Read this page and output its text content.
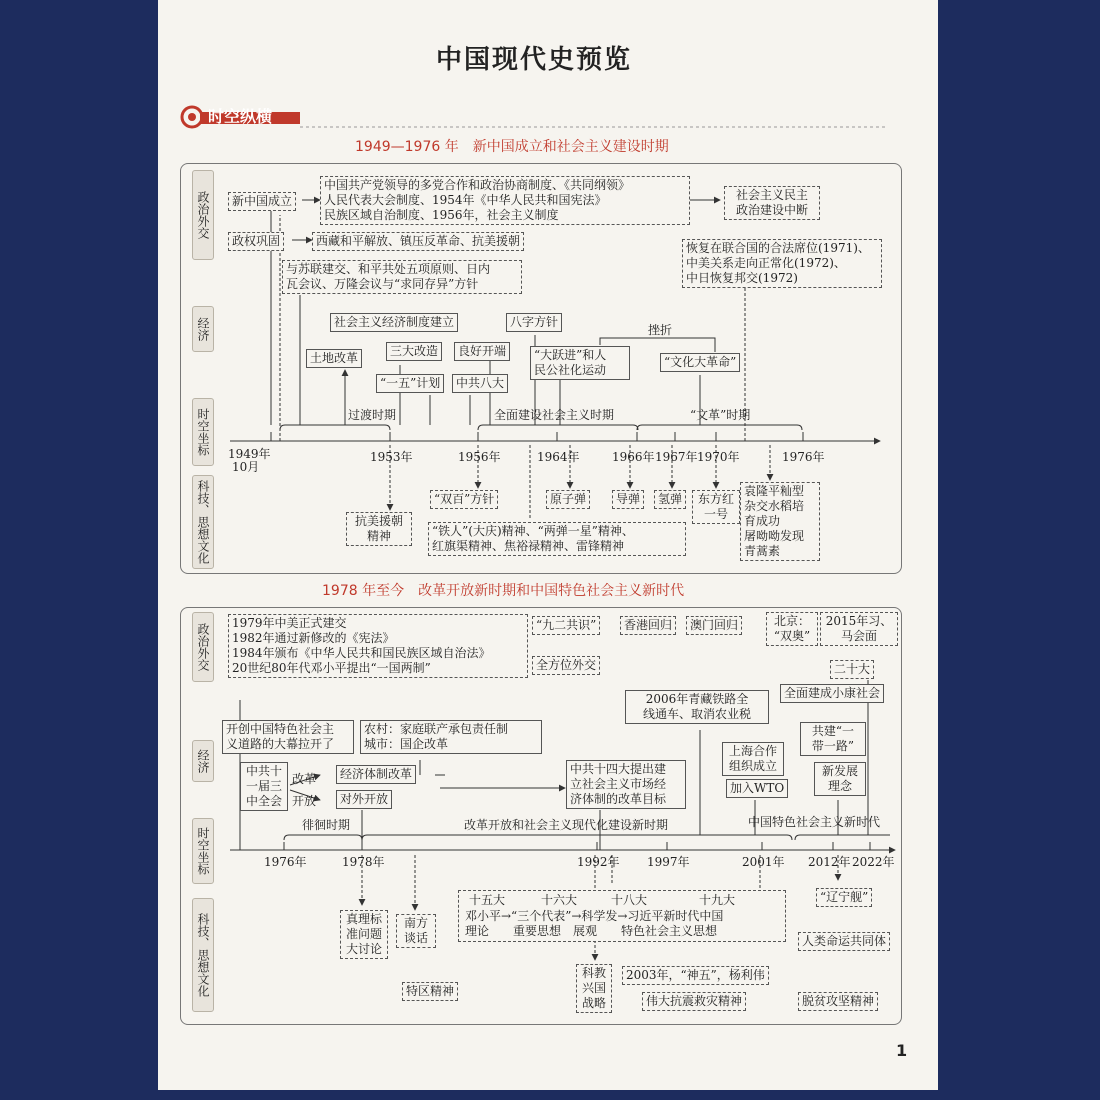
中国现代史预览
时空纵横
1949—1976 年　新中国成立和社会主义建设时期
政治外交
经济
时空坐标
科技、思想文化
新中国成立
中国共产党领导的多党合作和政治协商制度、《共同纲领》
人民代表大会制度、1954年《中华人民共和国宪法》
民族区域自治制度、1956年，社会主义制度
社会主义民主
政治建设中断
政权巩固	西藏和平解放、镇压反革命、抗美援朝	恢复在联合国的合法席位(1971)、
中美关系走向正常化(1972)、
中日恢复邦交(1972)
与苏联建交、和平共处五项原则、日内
瓦会议、万隆会议与“求同存异”方针
社会主义经济制度建立	八字方针
挫折
土地改革	三大改造	良好开端	“大跃进”和人
民公社化运动
“文化大革命”
“一五”计划	中共八大
过渡时期	全面建设社会主义时期	“文革”时期
1949年
10月
1953年	1956年	1964年	1966年 1967年 1970年	1976年
“双百”方针	原子弹	导弹	氢弹	东方红
一号
袁隆平籼型
杂交水稻培
育成功
屠呦呦发现
青蒿素
抗美援朝
精神	“铁人”(大庆)精神、“两弹一星”精神、
红旗渠精神、焦裕禄精神、雷锋精神
1978 年至今　改革开放新时期和中国特色社会主义新时代
政治外交
经济
时空坐标
科技、思想文化
1979年中美正式建交
1982年通过新修改的《宪法》
1984年颁布《中华人民共和国民族区域自治法》
20世纪80年代邓小平提出“一国两制”
“九二共识”	香港回归	澳门回归	北京：
“双奥”
2015年习、
马会面
全方位外交	二十大
全面建成小康社会
2006年青藏铁路全
线通车、取消农业税
开创中国特色社会主
义道路的大幕拉开了
农村：家庭联产承包责任制
城市：国企改革
共建“一
带一路”
上海合作
组织成立
中共十
一届三
中全会
改革
开放
经济体制改革
对外开放
中共十四大提出建
立社会主义市场经
济体制的改革目标
加入WTO
新发展
理念
徘徊时期	改革开放和社会主义现代化建设新时期	中国特色社会主义新时代
1976年	1978年	1992年 1997年	2001年 2012年 2022年
真理标
准问题
大讨论
南方
谈话
十五大	十六大	十八大	十九大
邓小平→“三个代表”→科学发→习近平新时代中国
理论　　重要思想　展观　　特色社会主义思想
“辽宁舰”
人类命运共同体
科教
兴国
战略
2003年，“神五”，杨利伟
特区精神
伟大抗震救灾精神	脱贫攻坚精神
1
